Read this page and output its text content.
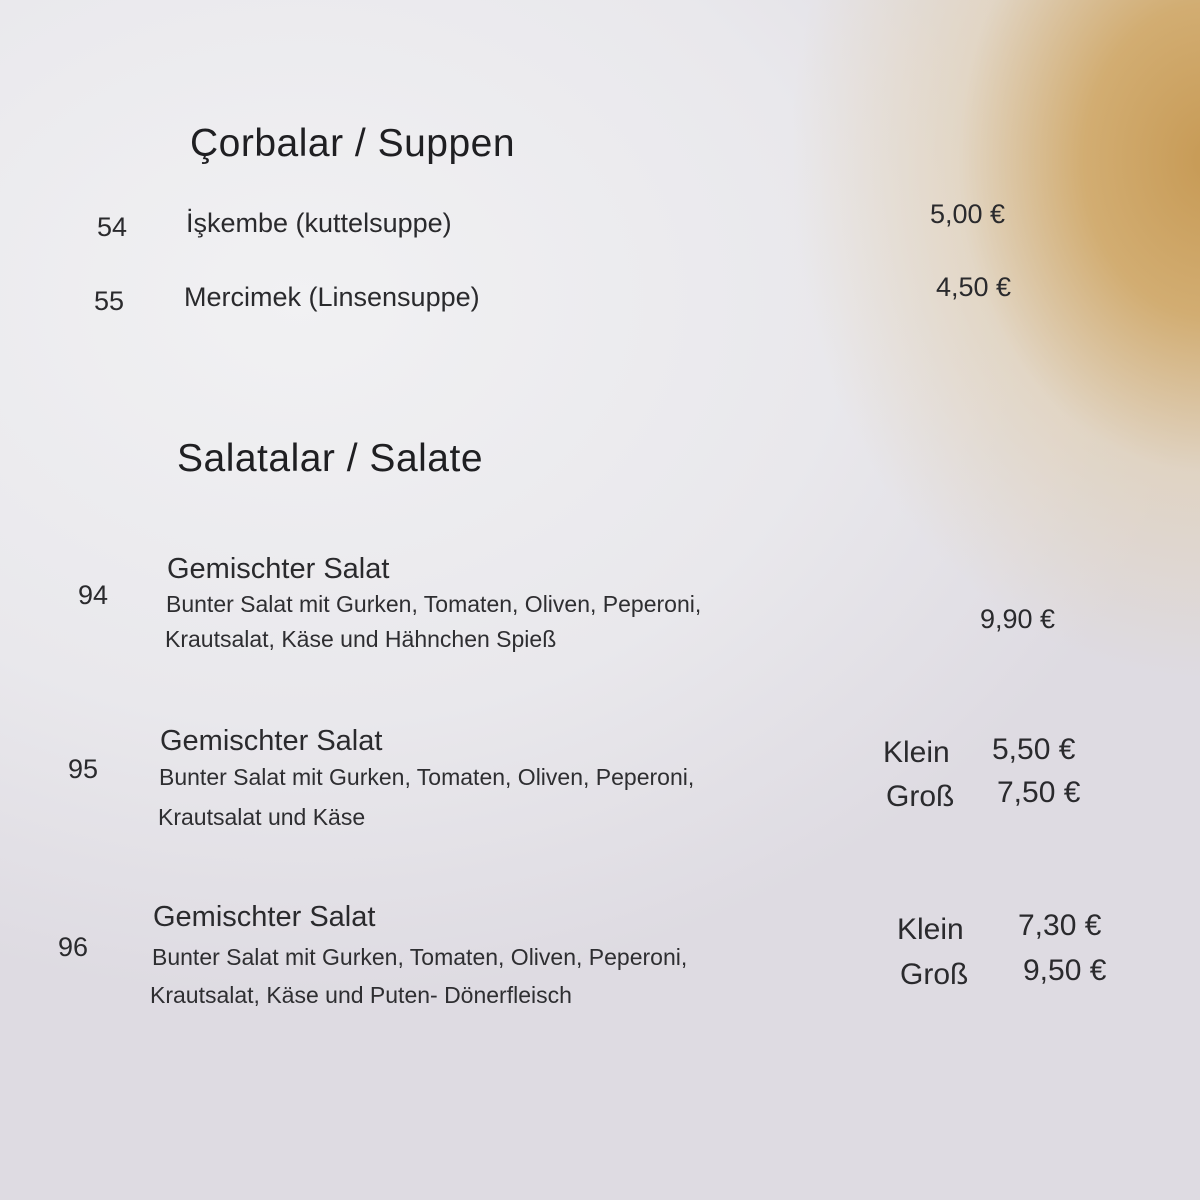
Çorbalar / Suppen
54 İşkembe (kuttelsuppe)	5,00 €
55 Mercimek (Linsensuppe)	4,50 €
Salatalar / Salate
94
Gemischter Salat
Bunter Salat mit Gurken, Tomaten, Oliven, Peperoni,
Krautsalat, Käse und Hähnchen Spieß
9,90 €
95
Gemischter Salat
Bunter Salat mit Gurken, Tomaten, Oliven, Peperoni,
Krautsalat und Käse
Klein 5,50 €
Groß 7,50 €
96
Gemischter Salat
Bunter Salat mit Gurken, Tomaten, Oliven, Peperoni,
Krautsalat, Käse und Puten- Dönerfleisch
Klein 7,30 €
Groß 9,50 €
